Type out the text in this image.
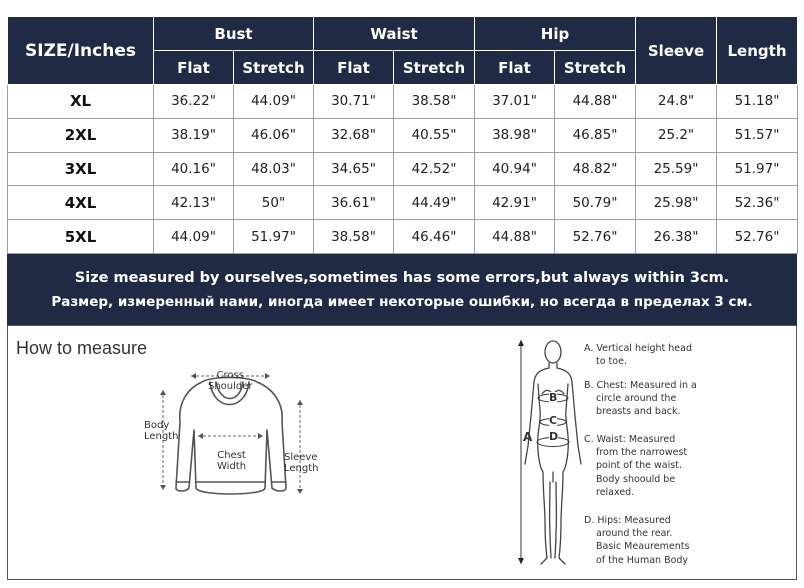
SIZE/Inches	Bust		Waist		Hip		Sleeve	Length
	Flat	Stretch	Flat	Stretch	Flat	Stretch		
XL	36.22"	44.09"	30.71"	38.58"	37.01"	44.88"	24.8"	51.18"
2XL	38.19"	46.06"	32.68"	40.55"	38.98"	46.85"	25.2"	51.57"
3XL	40.16"	48.03"	34.65"	42.52"	40.94"	48.82"	25.59"	51.97"
4XL	42.13"	50"	36.61"	44.49"	42.91"	50.79"	25.98"	52.36"
5XL	44.09"	51.97"	38.58"	46.46"	44.88"	52.76"	26.38"	52.76"
Size measured by ourselves,sometimes has some errors,but always within 3cm.
Размер, измеренный нами, иногда имеет некоторые ошибки, но всегда в пределах 3 см.
How to measure
Cross
Shoulder
Body
Length
Chest
Width
Sleeve
Length
A
B
C
D
A. Vertical height head
to toe.
B. Chest: Measured in a
circle around the
breasts and back.
C. Waist: Measured
from the narrowest
point of the waist.
Body shoould be
relaxed.
D. Hips: Measured
around the rear.
Basic Meaurements
of the Human Body
